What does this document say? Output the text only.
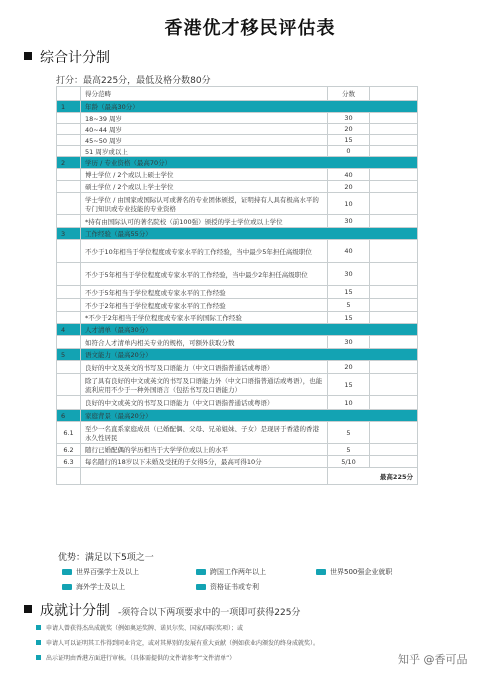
香港优才移民评估表
综合计分制
打分：最高225分，最低及格分数80分
	得分范畴	分数	
1	年龄（最高30分）		
	18~39 周岁	30	
	40~44 周岁	20	
	45~50 周岁	15	
	51 周岁或以上	0	
2	学历 / 专业资格（最高70分）		
	博士学位 / 2个或以上硕士学位	40	
	硕士学位 / 2个或以上学士学位	20	
	学士学位 / 由国家或国际认可或著名的专业团体颁授，证明持有人具有极高水平的专门知识或专业技能的专业资格	10	
	*持有由国际认可的著名院校（前100强）颁授的学士学位或以上学位	30	
3	工作经验（最高55分）		
	不少于10年相当于学位程度或专家水平的工作经验，当中最少5年担任高级职位	40	
	不少于5年相当于学位程度或专家水平的工作经验，当中最少2年担任高级职位	30	
	不少于5年相当于学位程度或专家水平的工作经验	15	
	不少于2年相当于学位程度或专家水平的工作经验	5	
	*不少于2年相当于学位程度或专家水平的国际工作经验	15	
4	人才清单（最高30分）		
	如符合人才清单内相关专业的规格，可额外获取分数	30	
5	语文能力（最高20分）		
	良好的中文及英文的书写及口语能力（中文口语指普通话或粤语）	20	
	除了具有良好的中文或英文的书写及口语能力外（中文口语指普通话或粤语），也能流利应用不少于一种外国语言（包括书写及口语能力）	15	
	良好的中文或英文的书写及口语能力（中文口语指普通话或粤语）	10	
6	家庭背景（最高20分）		
6.1	至少一名直系家庭成员（已婚配偶、父母、兄弟姐妹、子女）是现居于香港的香港永久性居民	5	
6.2	随行已婚配偶的学历相当于大学学位或以上的水平	5	
6.3	每名随行的18岁以下未婚及受抚的子女得5分，最高可得10分	5/10	
		最高225分	
优势：满足以下5项之一
世界百强学士及以上	跨国工作两年以上	世界500强企业就职
海外学士及以上	资格证书或专利
成就计分制 -须符合以下两项要求中的一项即可获得225分
申请人曾获得杰出成就奖（例如奥运奖牌、诺贝尔奖、国家/国际奖项）；或
申请人可以证明其工作得到同业肯定，或对其界别的发展有重大贡献（例如获业内颁发的终身成就奖）。
出示证明由香港方面进行审核。（具体需提供的文件请参考“文件清单”）	知乎 @香可品
